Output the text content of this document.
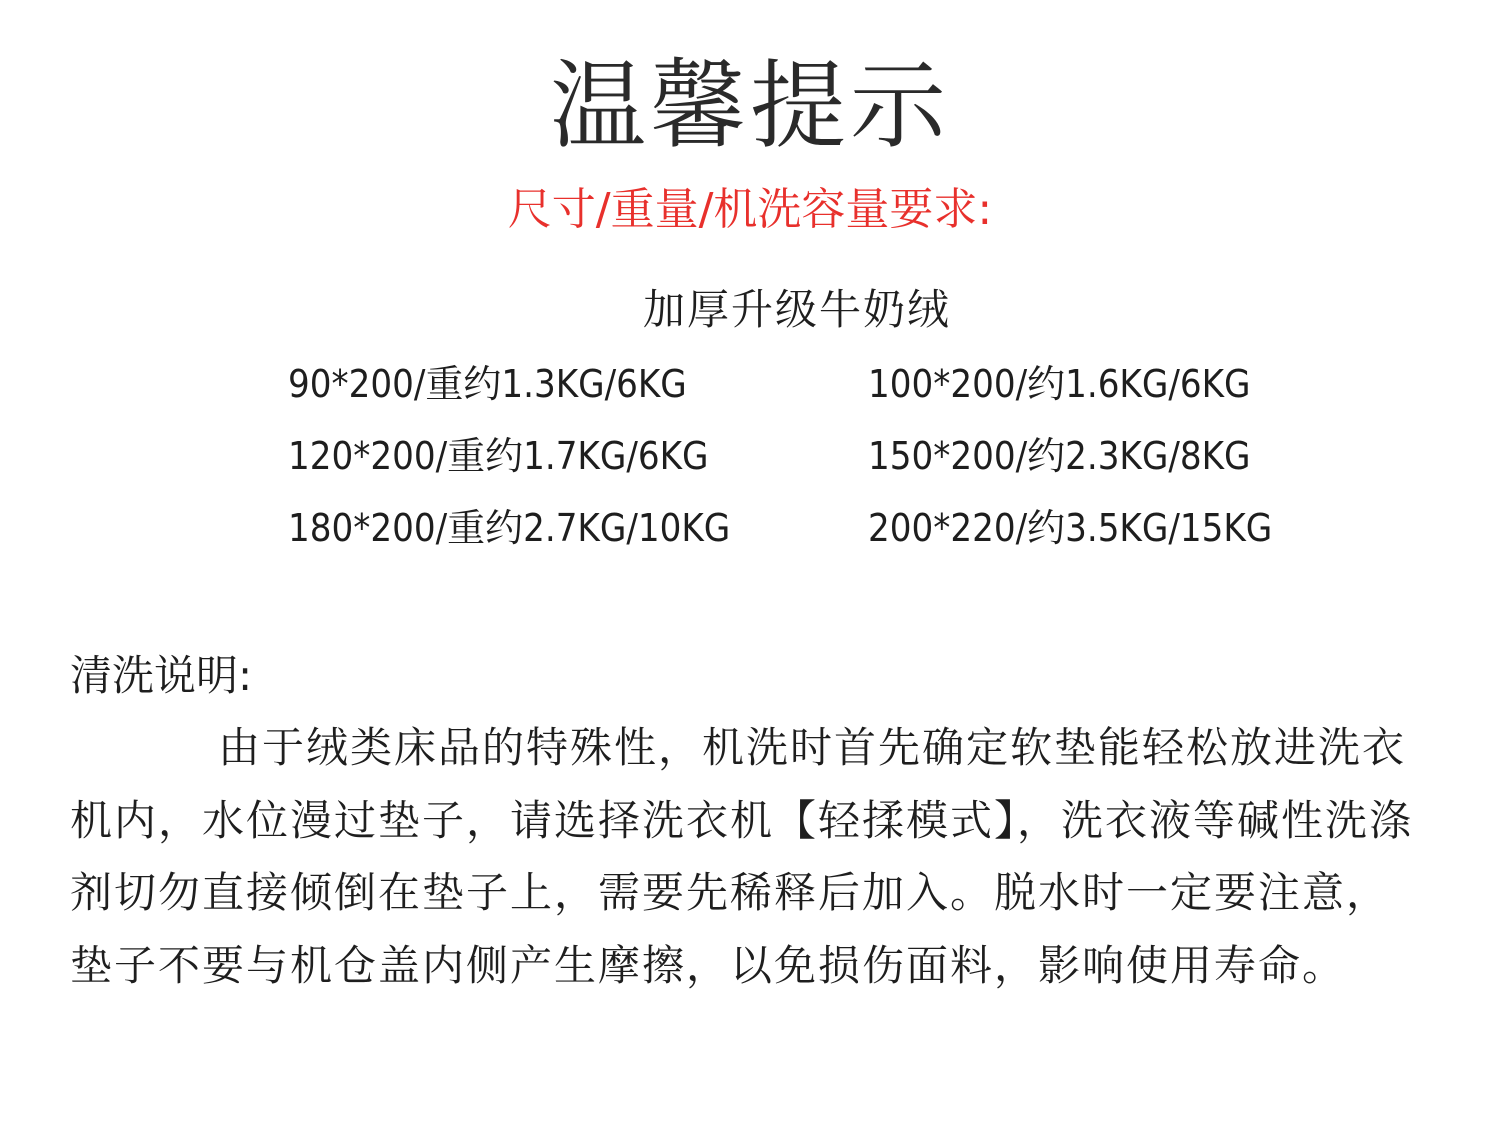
温馨提示
尺寸/重量/机洗容量要求:
加厚升级牛奶绒
90*200/重约1.3KG/6KG	100*200/约1.6KG/6KG
120*200/重约1.7KG/6KG	150*200/约2.3KG/8KG
180*200/重约2.7KG/10KG	200*220/约3.5KG/15KG
清洗说明:

由于绒类床品的特殊性，机洗时首先确定软垫能轻松放进洗衣机内，水位漫过垫子，请选择洗衣机【轻揉模式】，洗衣液等碱性洗涤剂切勿直接倾倒在垫子上，需要先稀释后加入。脱水时一定要注意，垫子不要与机仓盖内侧产生摩擦，以免损伤面料，影响使用寿命。
